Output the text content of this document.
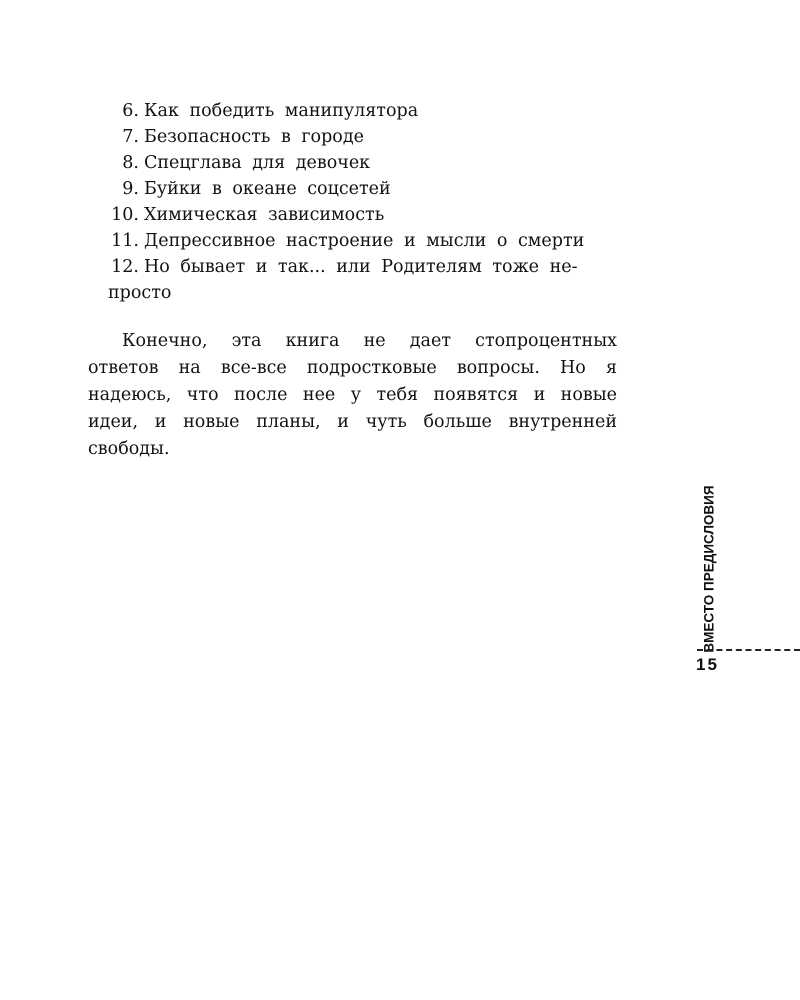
6. Как победить манипулятора
7. Безопасность в городе
8. Спецглава для девочек
9. Буйки в океане соцсетей
10. Химическая зависимость
11. Депрессивное настроение и мысли о смерти
12. Но бывает и так... или Родителям тоже не-
просто

Конечно, эта книга не дает стопроцентных ответов на все-все подростковые вопросы. Но я надеюсь, что после нее у тебя появятся и новые идеи, и новые планы, и чуть больше внутренней свободы.

ВМЕСТО ПРЕДИСЛОВИЯ
15
